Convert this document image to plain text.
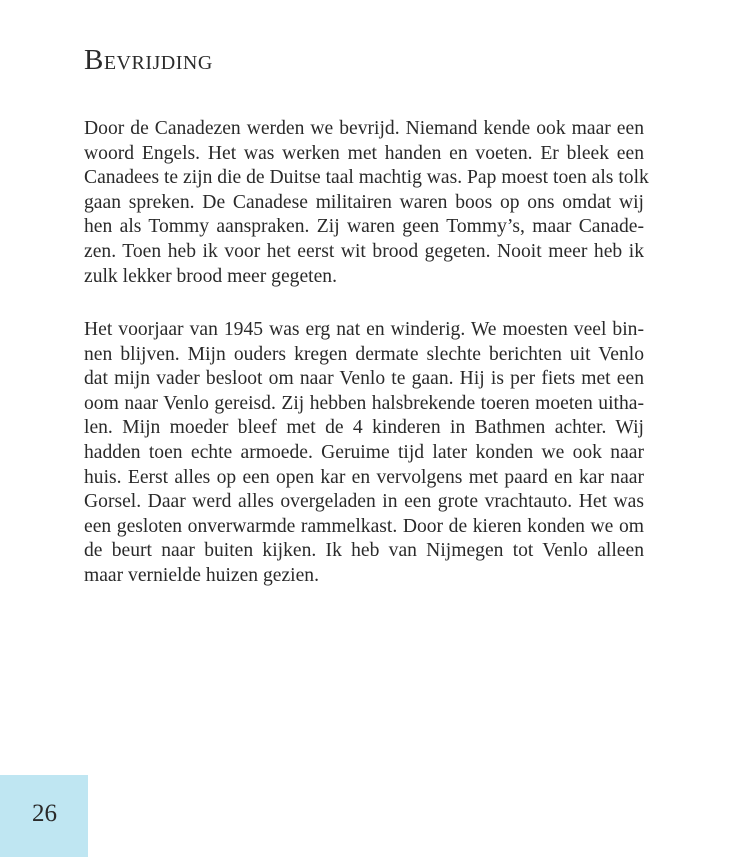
Bevrijding
Door de Canadezen werden we bevrijd. Niemand kende ook maar een
woord Engels. Het was werken met handen en voeten. Er bleek een
Canadees te zijn die de Duitse taal machtig was. Pap moest toen als tolk
gaan spreken. De Canadese militairen waren boos op ons omdat wij
hen als Tommy aanspraken. Zij waren geen Tommy’s, maar Canade-
zen. Toen heb ik voor het eerst wit brood gegeten. Nooit meer heb ik
zulk lekker brood meer gegeten.
Het voorjaar van 1945 was erg nat en winderig. We moesten veel bin-
nen blijven. Mijn ouders kregen dermate slechte berichten uit Venlo
dat mijn vader besloot om naar Venlo te gaan. Hij is per fiets met een
oom naar Venlo gereisd. Zij hebben halsbrekende toeren moeten uitha-
len. Mijn moeder bleef met de 4 kinderen in Bathmen achter. Wij
hadden toen echte armoede. Geruime tijd later konden we ook naar
huis. Eerst alles op een open kar en vervolgens met paard en kar naar
Gorsel. Daar werd alles overgeladen in een grote vrachtauto. Het was
een gesloten onverwarmde rammelkast. Door de kieren konden we om
de beurt naar buiten kijken. Ik heb van Nijmegen tot Venlo alleen
maar vernielde huizen gezien.
26
